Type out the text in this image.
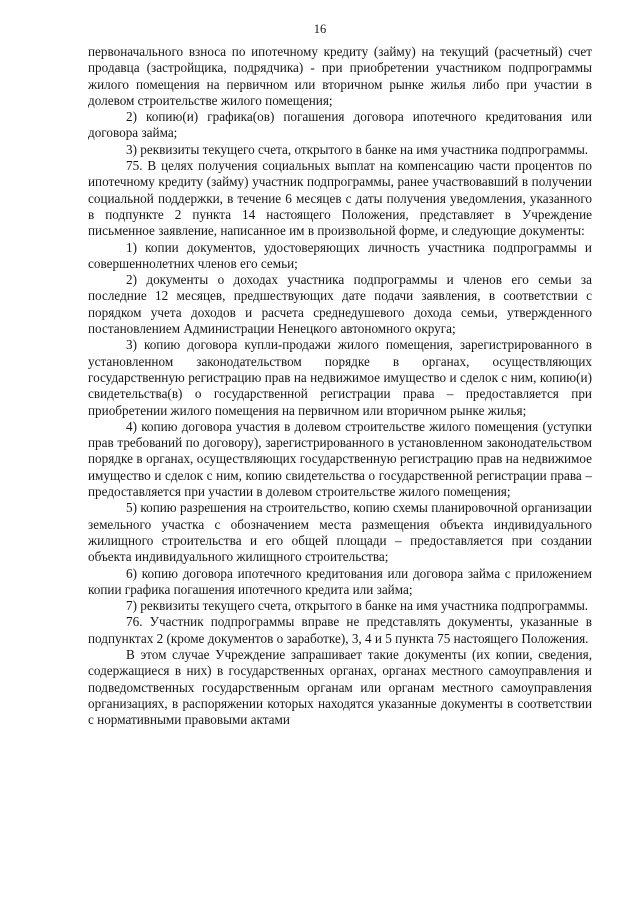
16

первоначального взноса по ипотечному кредиту (займу) на текущий (расчетный) счет продавца (застройщика, подрядчика) - при приобретении участником подпрограммы жилого помещения на первичном или вторичном рынке жилья либо при участии в долевом строительстве жилого помещения;

2) копию(и) графика(ов) погашения договора ипотечного кредитования или договора займа;

3) реквизиты текущего счета, открытого в банке на имя участника подпрограммы.

75. В целях получения социальных выплат на компенсацию части процентов по ипотечному кредиту (займу) участник подпрограммы, ранее участвовавший в получении социальной поддержки, в течение 6 месяцев с даты получения уведомления, указанного в подпункте 2 пункта 14 настоящего Положения, представляет в Учреждение письменное заявление, написанное им в произвольной форме, и следующие документы:

1) копии документов, удостоверяющих личность участника подпрограммы и совершеннолетних членов его семьи;

2) документы о доходах участника подпрограммы и членов его семьи за последние 12 месяцев, предшествующих дате подачи заявления, в соответствии с порядком учета доходов и расчета среднедушевого дохода семьи, утвержденного постановлением Администрации Ненецкого автономного округа;

3) копию договора купли-продажи жилого помещения, зарегистрированного в установленном законодательством порядке в органах, осуществляющих государственную регистрацию прав на недвижимое имущество и сделок с ним, копию(и) свидетельства(в) о государственной регистрации права – предоставляется при приобретении жилого помещения на первичном или вторичном рынке жилья;

4) копию договора участия в долевом строительстве жилого помещения (уступки прав требований по договору), зарегистрированного в установленном законодательством порядке в органах, осуществляющих государственную регистрацию прав на недвижимое имущество и сделок с ним, копию свидетельства о государственной регистрации права – предоставляется при участии в долевом строительстве жилого помещения;

5) копию разрешения на строительство, копию схемы планировочной организации земельного участка с обозначением места размещения объекта индивидуального жилищного строительства и его общей площади – предоставляется при создании объекта индивидуального жилищного строительства;

6) копию договора ипотечного кредитования или договора займа с приложением копии графика погашения ипотечного кредита или займа;

7) реквизиты текущего счета, открытого в банке на имя участника подпрограммы.

76. Участник подпрограммы вправе не представлять документы, указанные в подпунктах 2 (кроме документов о заработке), 3, 4 и 5 пункта 75 настоящего Положения.

В этом случае Учреждение запрашивает такие документы (их копии, сведения, содержащиеся в них) в государственных органах, органах местного самоуправления и подведомственных государственным органам или органам местного самоуправления организациях, в распоряжении которых находятся указанные документы в соответствии с нормативными правовыми актами
